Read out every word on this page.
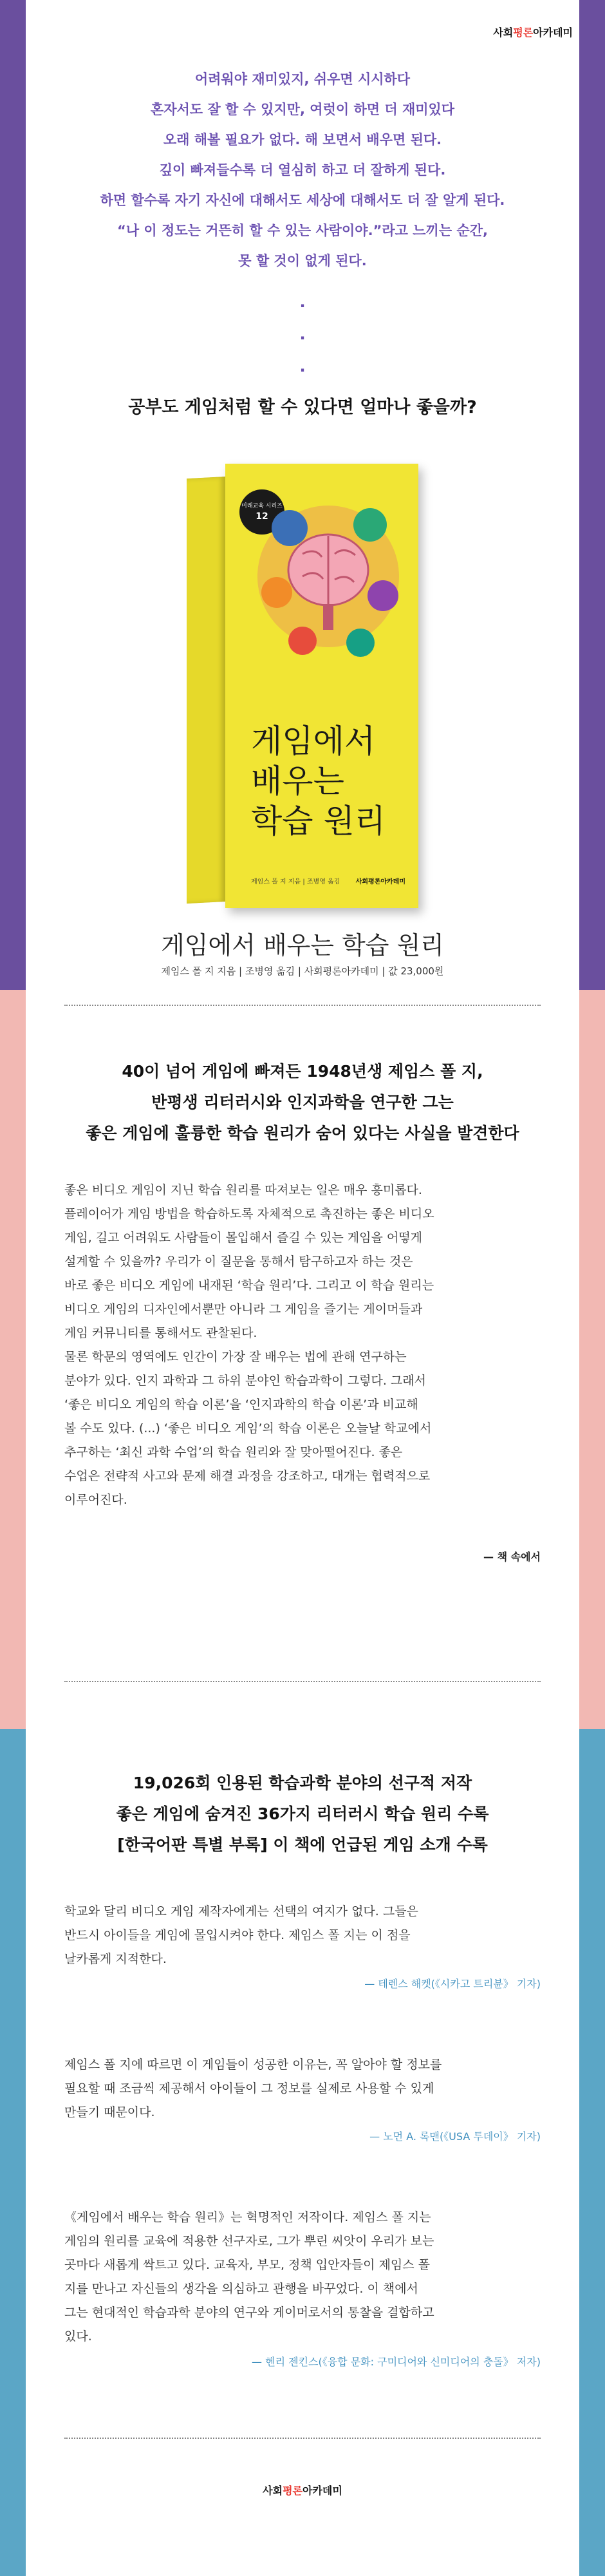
사회평론아카데미
어려워야 재미있지, 쉬우면 시시하다
혼자서도 잘 할 수 있지만, 여럿이 하면 더 재미있다
오래 해볼 필요가 없다. 해 보면서 배우면 된다.
깊이 빠져들수록 더 열심히 하고 더 잘하게 된다.
하면 할수록 자기 자신에 대해서도 세상에 대해서도 더 잘 알게 된다.
“나 이 정도는 거뜬히 할 수 있는 사람이야.”라고 느끼는 순간,
못 할 것이 없게 된다.
.
.
.
공부도 게임처럼 할 수 있다면 얼마나 좋을까?
미래교육 시리즈
12
게임에서
배우는
학습 원리
제임스 폴 지 지음 | 조병영 옮김 사회평론아카데미
게임에서 배우는 학습 원리
제임스 폴 지 지음 | 조병영 옮김 | 사회평론아카데미 | 값 23,000원
40이 넘어 게임에 빠져든 1948년생 제임스 폴 지,
반평생 리터러시와 인지과학을 연구한 그는
좋은 게임에 훌륭한 학습 원리가 숨어 있다는 사실을 발견한다
좋은 비디오 게임이 지닌 학습 원리를 따져보는 일은 매우 흥미롭다.
플레이어가 게임 방법을 학습하도록 자체적으로 촉진하는 좋은 비디오
게임, 길고 어려워도 사람들이 몰입해서 즐길 수 있는 게임을 어떻게
설계할 수 있을까? 우리가 이 질문을 통해서 탐구하고자 하는 것은
바로 좋은 비디오 게임에 내재된 ‘학습 원리’다. 그리고 이 학습 원리는
비디오 게임의 디자인에서뿐만 아니라 그 게임을 즐기는 게이머들과
게임 커뮤니티를 통해서도 관찰된다.
물론 학문의 영역에도 인간이 가장 잘 배우는 법에 관해 연구하는
분야가 있다. 인지 과학과 그 하위 분야인 학습과학이 그렇다. 그래서
‘좋은 비디오 게임의 학습 이론’을 ‘인지과학의 학습 이론’과 비교해
볼 수도 있다. (...) ‘좋은 비디오 게임’의 학습 이론은 오늘날 학교에서
추구하는 ‘최신 과학 수업’의 학습 원리와 잘 맞아떨어진다. 좋은
수업은 전략적 사고와 문제 해결 과정을 강조하고, 대개는 협력적으로
이루어진다.
— 책 속에서
19,026회 인용된 학습과학 분야의 선구적 저작
좋은 게임에 숨겨진 36가지 리터러시 학습 원리 수록
[한국어판 특별 부록] 이 책에 언급된 게임 소개 수록
학교와 달리 비디오 게임 제작자에게는 선택의 여지가 없다. 그들은
반드시 아이들을 게임에 몰입시켜야 한다. 제임스 폴 지는 이 점을
날카롭게 지적한다.
— 테렌스 해켓(《시카고 트리뷴》 기자)
제임스 폴 지에 따르면 이 게임들이 성공한 이유는, 꼭 알아야 할 정보를
필요할 때 조금씩 제공해서 아이들이 그 정보를 실제로 사용할 수 있게
만들기 때문이다.
— 노먼 A. 록맨(《USA 투데이》 기자)
《게임에서 배우는 학습 원리》는 혁명적인 저작이다. 제임스 폴 지는
게임의 원리를 교육에 적용한 선구자로, 그가 뿌린 씨앗이 우리가 보는
곳마다 새롭게 싹트고 있다. 교육자, 부모, 정책 입안자들이 제임스 폴
지를 만나고 자신들의 생각을 의심하고 관행을 바꾸었다. 이 책에서
그는 현대적인 학습과학 분야의 연구와 게이머로서의 통찰을 결합하고
있다.
— 헨리 젠킨스(《융합 문화: 구미디어와 신미디어의 충돌》 저자)
사회평론아카데미
